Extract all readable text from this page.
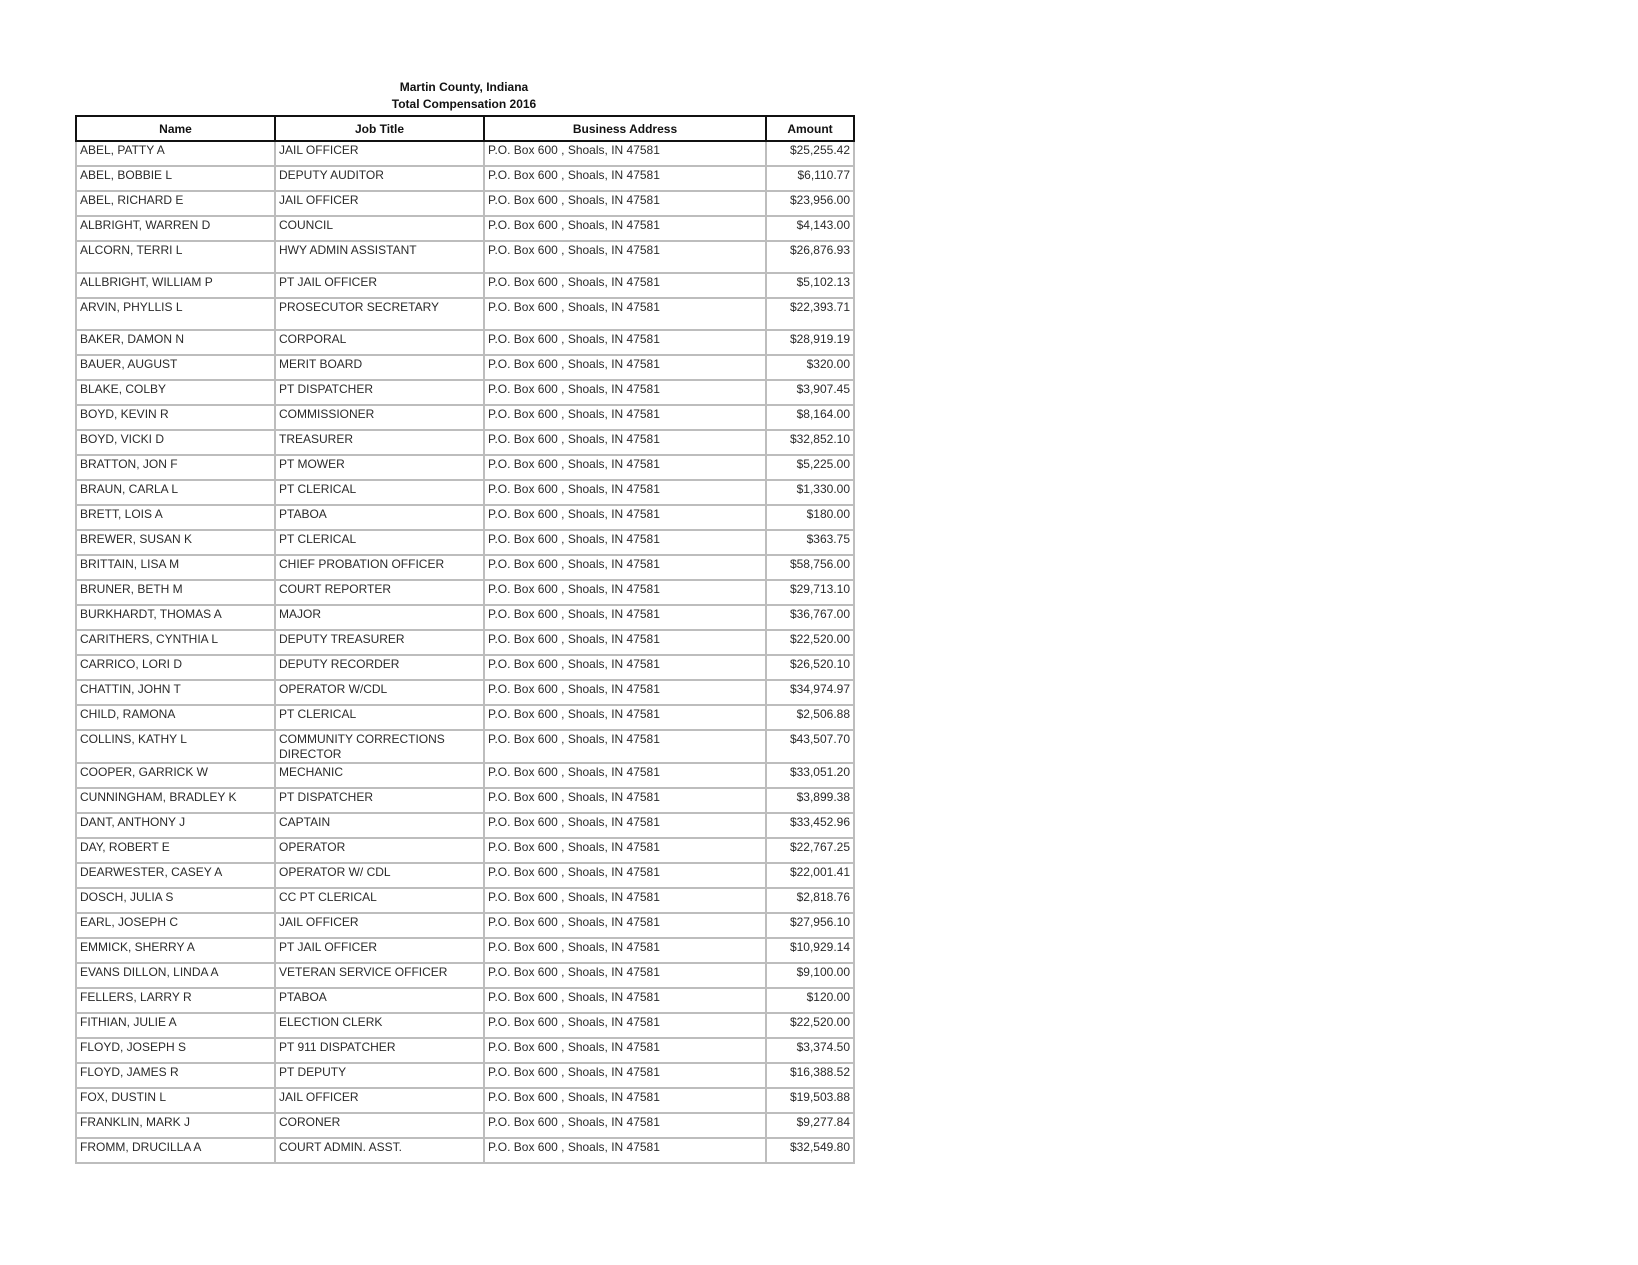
Martin County, Indiana
Total Compensation 2016
Name	Job Title	Business Address	Amount
ABEL, PATTY A	JAIL OFFICER	P.O. Box 600 , Shoals, IN 47581	$25,255.42
ABEL, BOBBIE L	DEPUTY AUDITOR	P.O. Box 600 , Shoals, IN 47581	$6,110.77
ABEL, RICHARD E	JAIL OFFICER	P.O. Box 600 , Shoals, IN 47581	$23,956.00
ALBRIGHT, WARREN D	COUNCIL	P.O. Box 600 , Shoals, IN 47581	$4,143.00
ALCORN, TERRI L	HWY ADMIN ASSISTANT	P.O. Box 600 , Shoals, IN 47581	$26,876.93
ALLBRIGHT, WILLIAM P	PT JAIL OFFICER	P.O. Box 600 , Shoals, IN 47581	$5,102.13
ARVIN, PHYLLIS L	PROSECUTOR SECRETARY	P.O. Box 600 , Shoals, IN 47581	$22,393.71
BAKER, DAMON N	CORPORAL	P.O. Box 600 , Shoals, IN 47581	$28,919.19
BAUER, AUGUST	MERIT BOARD	P.O. Box 600 , Shoals, IN 47581	$320.00
BLAKE, COLBY	PT DISPATCHER	P.O. Box 600 , Shoals, IN 47581	$3,907.45
BOYD, KEVIN R	COMMISSIONER	P.O. Box 600 , Shoals, IN 47581	$8,164.00
BOYD, VICKI D	TREASURER	P.O. Box 600 , Shoals, IN 47581	$32,852.10
BRATTON, JON F	PT MOWER	P.O. Box 600 , Shoals, IN 47581	$5,225.00
BRAUN, CARLA L	PT CLERICAL	P.O. Box 600 , Shoals, IN 47581	$1,330.00
BRETT, LOIS A	PTABOA	P.O. Box 600 , Shoals, IN 47581	$180.00
BREWER, SUSAN K	PT CLERICAL	P.O. Box 600 , Shoals, IN 47581	$363.75
BRITTAIN, LISA M	CHIEF PROBATION OFFICER	P.O. Box 600 , Shoals, IN 47581	$58,756.00
BRUNER, BETH M	COURT REPORTER	P.O. Box 600 , Shoals, IN 47581	$29,713.10
BURKHARDT, THOMAS A	MAJOR	P.O. Box 600 , Shoals, IN 47581	$36,767.00
CARITHERS, CYNTHIA L	DEPUTY TREASURER	P.O. Box 600 , Shoals, IN 47581	$22,520.00
CARRICO, LORI D	DEPUTY RECORDER	P.O. Box 600 , Shoals, IN 47581	$26,520.10
CHATTIN, JOHN T	OPERATOR W/CDL	P.O. Box 600 , Shoals, IN 47581	$34,974.97
CHILD, RAMONA	PT CLERICAL	P.O. Box 600 , Shoals, IN 47581	$2,506.88
COLLINS, KATHY L	COMMUNITY CORRECTIONS DIRECTOR	P.O. Box 600 , Shoals, IN 47581	$43,507.70
COOPER, GARRICK W	MECHANIC	P.O. Box 600 , Shoals, IN 47581	$33,051.20
CUNNINGHAM, BRADLEY K	PT DISPATCHER	P.O. Box 600 , Shoals, IN 47581	$3,899.38
DANT, ANTHONY J	CAPTAIN	P.O. Box 600 , Shoals, IN 47581	$33,452.96
DAY, ROBERT E	OPERATOR	P.O. Box 600 , Shoals, IN 47581	$22,767.25
DEARWESTER, CASEY A	OPERATOR W/ CDL	P.O. Box 600 , Shoals, IN 47581	$22,001.41
DOSCH, JULIA S	CC PT CLERICAL	P.O. Box 600 , Shoals, IN 47581	$2,818.76
EARL, JOSEPH C	JAIL OFFICER	P.O. Box 600 , Shoals, IN 47581	$27,956.10
EMMICK, SHERRY A	PT JAIL OFFICER	P.O. Box 600 , Shoals, IN 47581	$10,929.14
EVANS DILLON, LINDA A	VETERAN SERVICE OFFICER	P.O. Box 600 , Shoals, IN 47581	$9,100.00
FELLERS, LARRY R	PTABOA	P.O. Box 600 , Shoals, IN 47581	$120.00
FITHIAN, JULIE A	ELECTION CLERK	P.O. Box 600 , Shoals, IN 47581	$22,520.00
FLOYD, JOSEPH S	PT 911 DISPATCHER	P.O. Box 600 , Shoals, IN 47581	$3,374.50
FLOYD, JAMES R	PT DEPUTY	P.O. Box 600 , Shoals, IN 47581	$16,388.52
FOX, DUSTIN L	JAIL OFFICER	P.O. Box 600 , Shoals, IN 47581	$19,503.88
FRANKLIN, MARK J	CORONER	P.O. Box 600 , Shoals, IN 47581	$9,277.84
FROMM, DRUCILLA A	COURT ADMIN. ASST.	P.O. Box 600 , Shoals, IN 47581	$32,549.80
